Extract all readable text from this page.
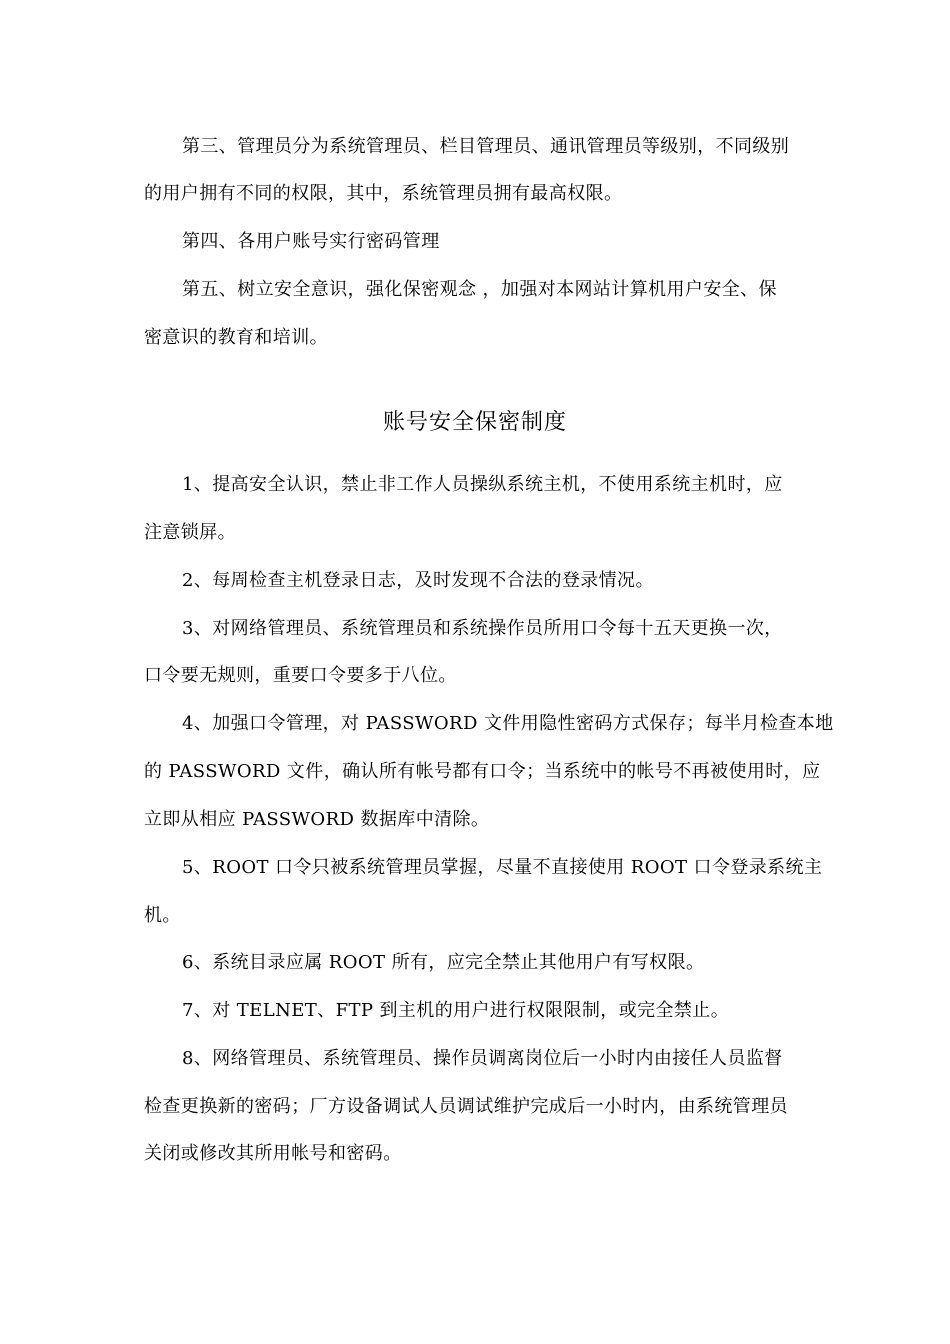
第三、管理员分为系统管理员、栏目管理员、通讯管理员等级别，不同级别
的用户拥有不同的权限，其中，系统管理员拥有最高权限。
第四、各用户账号实行密码管理
第五、树立安全意识，强化保密观念 ，加强对本网站计算机用户安全、保
密意识的教育和培训。
账号安全保密制度
1、提高安全认识，禁止非工作人员操纵系统主机，不使用系统主机时，应
注意锁屏。
2、每周检查主机登录日志，及时发现不合法的登录情况。
3、对网络管理员、系统管理员和系统操作员所用口令每十五天更换一次，
口令要无规则，重要口令要多于八位。
4、加强口令管理，对 PASSWORD 文件用隐性密码方式保存；每半月检查本地
的 PASSWORD 文件，确认所有帐号都有口令；当系统中的帐号不再被使用时，应
立即从相应 PASSWORD 数据库中清除。
5、ROOT 口令只被系统管理员掌握，尽量不直接使用 ROOT 口令登录系统主
机。
6、系统目录应属 ROOT 所有，应完全禁止其他用户有写权限。
7、对 TELNET、FTP 到主机的用户进行权限限制，或完全禁止。
8、网络管理员、系统管理员、操作员调离岗位后一小时内由接任人员监督
检查更换新的密码；厂方设备调试人员调试维护完成后一小时内，由系统管理员
关闭或修改其所用帐号和密码。
